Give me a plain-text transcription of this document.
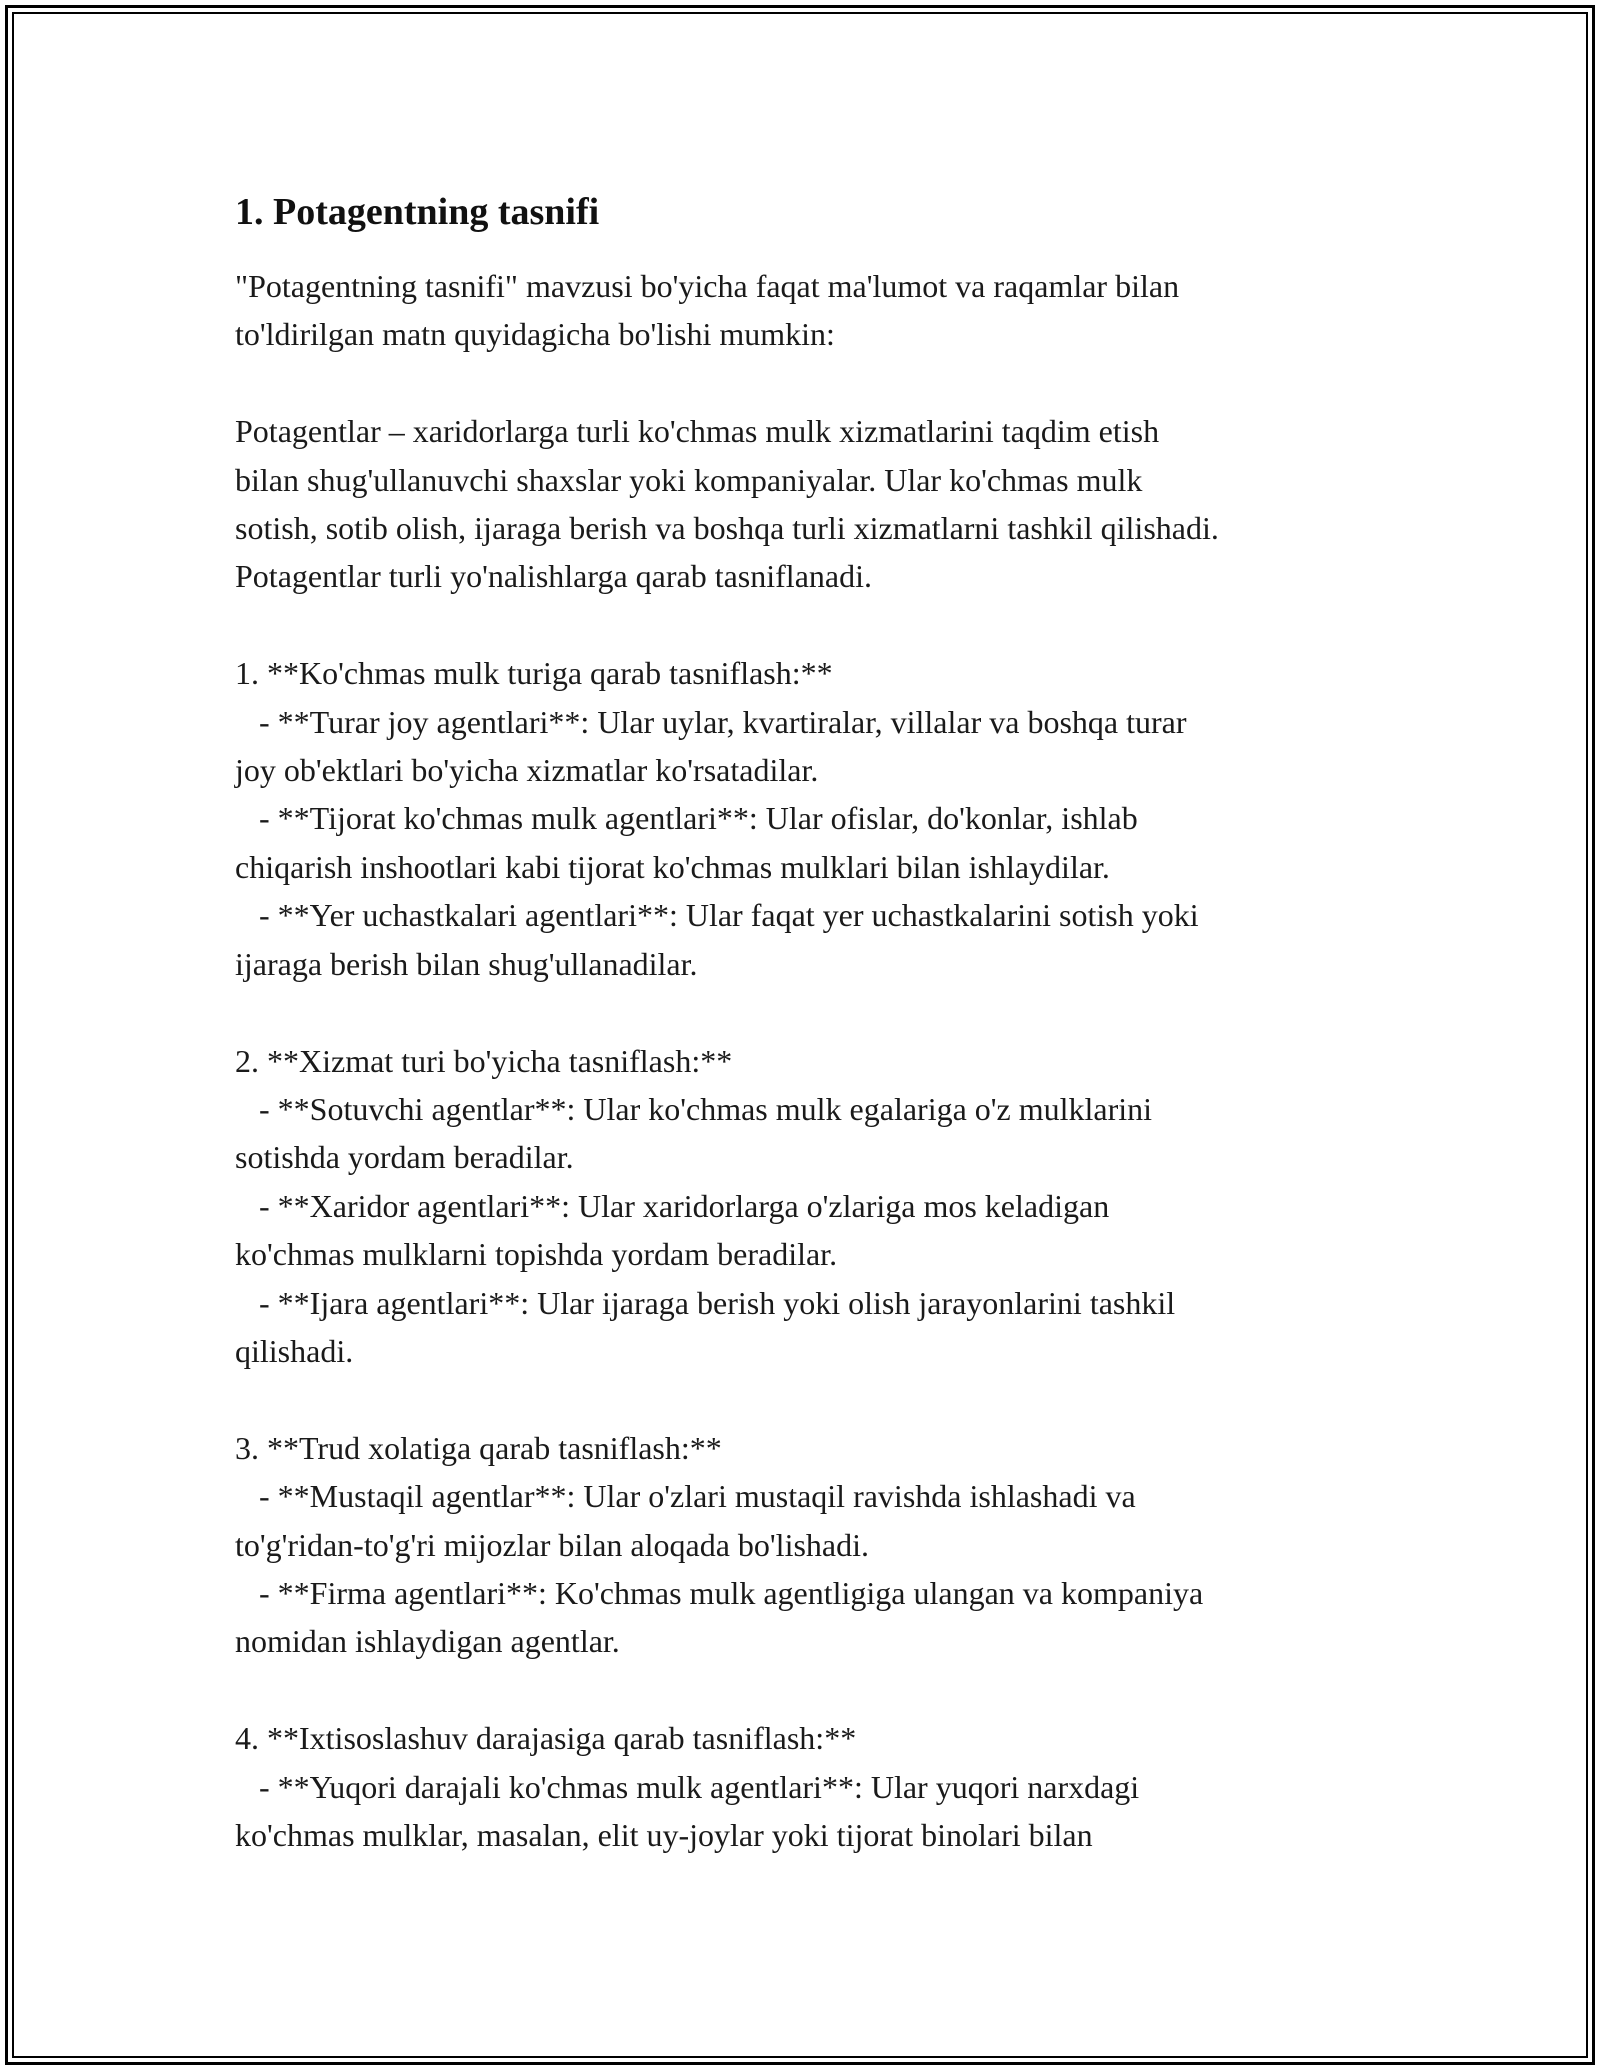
1. Potagentning tasnifi

"Potagentning tasnifi" mavzusi bo'yicha faqat ma'lumot va raqamlar bilan
to'ldirilgan matn quyidagicha bo'lishi mumkin:

Potagentlar – xaridorlarga turli ko'chmas mulk xizmatlarini taqdim etish
bilan shug'ullanuvchi shaxslar yoki kompaniyalar. Ular ko'chmas mulk
sotish, sotib olish, ijaraga berish va boshqa turli xizmatlarni tashkil qilishadi.
Potagentlar turli yo'nalishlarga qarab tasniflanadi.

1. **Ko'chmas mulk turiga qarab tasniflash:**
- **Turar joy agentlari**: Ular uylar, kvartiralar, villalar va boshqa turar
joy ob'ektlari bo'yicha xizmatlar ko'rsatadilar.
- **Tijorat ko'chmas mulk agentlari**: Ular ofislar, do'konlar, ishlab
chiqarish inshootlari kabi tijorat ko'chmas mulklari bilan ishlaydilar.
- **Yer uchastkalari agentlari**: Ular faqat yer uchastkalarini sotish yoki
ijaraga berish bilan shug'ullanadilar.

2. **Xizmat turi bo'yicha tasniflash:**
- **Sotuvchi agentlar**: Ular ko'chmas mulk egalariga o'z mulklarini
sotishda yordam beradilar.
- **Xaridor agentlari**: Ular xaridorlarga o'zlariga mos keladigan
ko'chmas mulklarni topishda yordam beradilar.
- **Ijara agentlari**: Ular ijaraga berish yoki olish jarayonlarini tashkil
qilishadi.

3. **Trud xolatiga qarab tasniflash:**
- **Mustaqil agentlar**: Ular o'zlari mustaqil ravishda ishlashadi va
to'g'ridan-to'g'ri mijozlar bilan aloqada bo'lishadi.
- **Firma agentlari**: Ko'chmas mulk agentligiga ulangan va kompaniya
nomidan ishlaydigan agentlar.

4. **Ixtisoslashuv darajasiga qarab tasniflash:**
- **Yuqori darajali ko'chmas mulk agentlari**: Ular yuqori narxdagi
ko'chmas mulklar, masalan, elit uy-joylar yoki tijorat binolari bilan
